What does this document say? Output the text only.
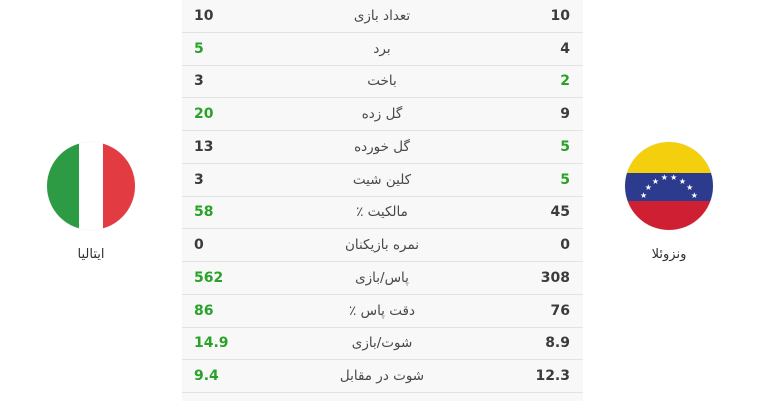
ایتالیا
10	تعداد بازی	10
5	برد	4
3	باخت	2
20	گل زده	9
13	گل خورده	5
3	کلین شیت	5
58	مالکیت ٪	45
0	نمره بازیکنان	0
562	پاس/بازی	308
86	دقت پاس ٪	76
14.9	شوت/بازی	8.9
9.4	شوت در مقابل	12.3
★
★
★ ★ ★ ★
★
★
ونزوئلا
